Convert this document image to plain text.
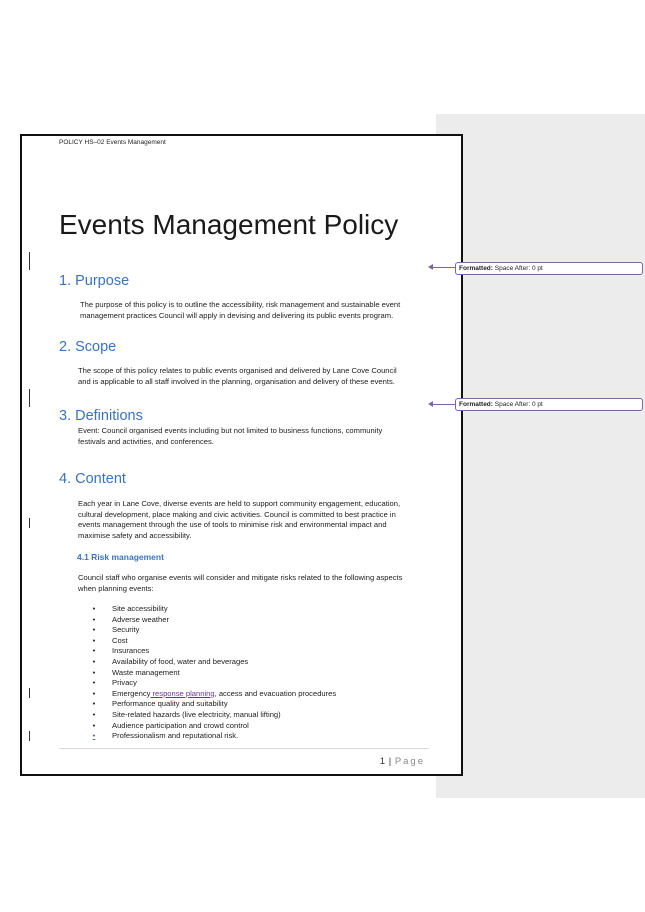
POLICY HS–02 Events Management
Events Management Policy
1. Purpose
The purpose of this policy is to outline the accessibility, risk management and sustainable event
management practices Council will apply in devising and delivering its public events program.
2. Scope
The scope of this policy relates to public events organised and delivered by Lane Cove Council
and is applicable to all staff involved in the planning, organisation and delivery of these events.
3. Definitions
Event: Council organised events including but not limited to business functions, community
festivals and activities, and conferences.
4. Content
Each year in Lane Cove, diverse events are held to support community engagement, education,
cultural development, place making and civic activities. Council is committed to best practice in
events management through the use of tools to minimise risk and environmental impact and
maximise safety and accessibility.
4.1 Risk management
Council staff who organise events will consider and mitigate risks related to the following aspects
when planning events:
•	Site accessibility
•	Adverse weather
•	Security
•	Cost
•	Insurances
•	Availability of food, water and beverages
•	Waste management
•	Privacy
•	Emergency response planning, access and evacuation procedures
•	Performance quality and suitability
•	Site-related hazards (live electricity, manual lifting)
•	Audience participation and crowd control
•	Professionalism and reputational risk.
1 | Page
Formatted: Space After: 0 pt
Formatted: Space After: 0 pt
